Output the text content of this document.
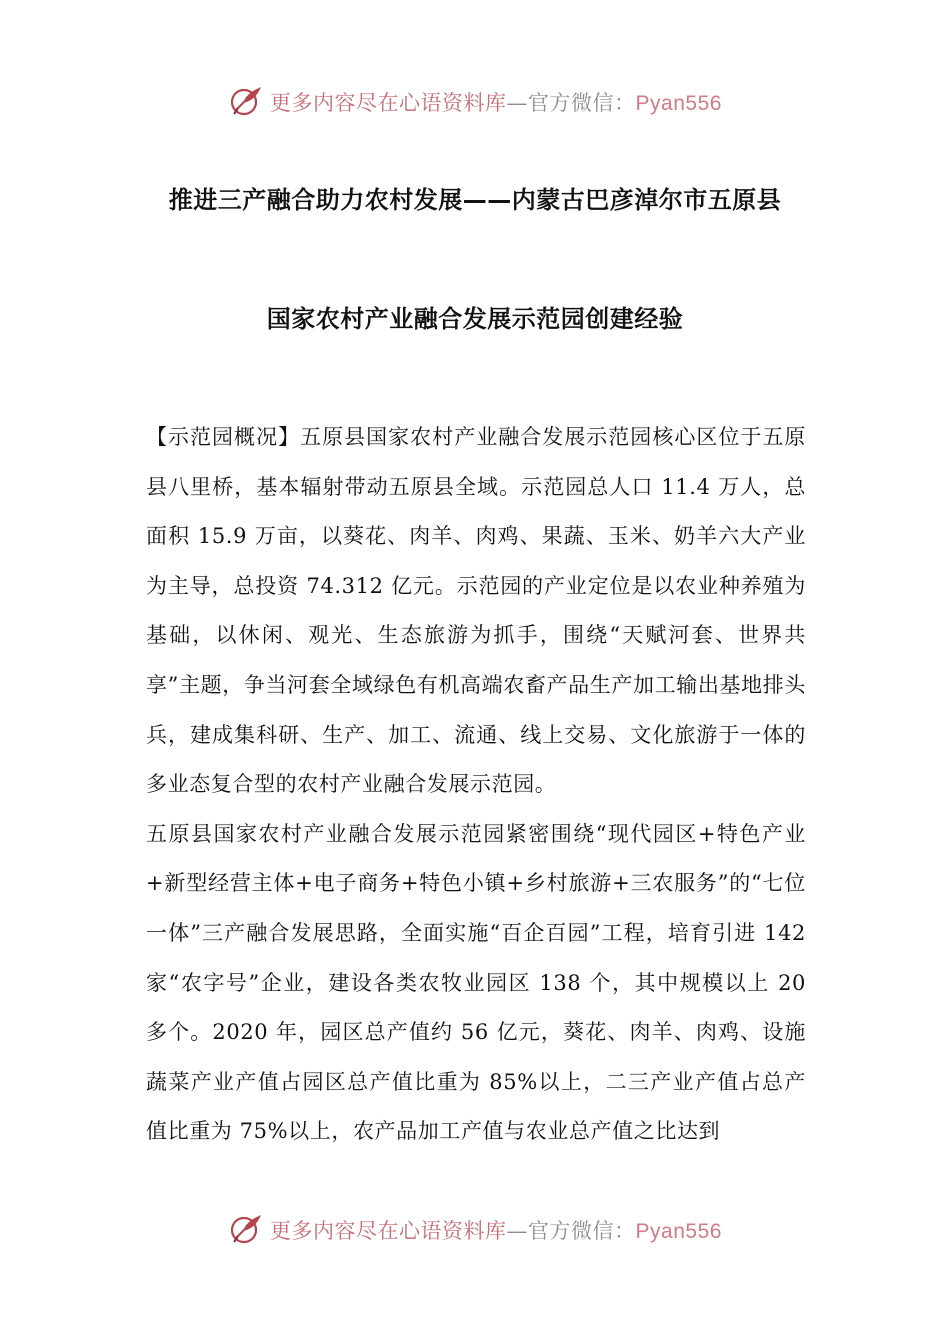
更多内容尽在心语资料库—官方微信：Pyan556
推进三产融合助力农村发展——内蒙古巴彦淖尔市五原县
国家农村产业融合发展示范园创建经验

【示范园概况】五原县国家农村产业融合发展示范园核心区位于五原县八里桥，基本辐射带动五原县全域。示范园总人口 11.4 万人，总面积 15.9 万亩，以葵花、肉羊、肉鸡、果蔬、玉米、奶羊六大产业为主导，总投资 74.312 亿元。示范园的产业定位是以农业种养殖为基础，以休闲、观光、生态旅游为抓手，围绕“天赋河套、世界共享”主题，争当河套全域绿色有机高端农畜产品生产加工输出基地排头兵，建成集科研、生产、加工、流通、线上交易、文化旅游于一体的多业态复合型的农村产业融合发展示范园。

五原县国家农村产业融合发展示范园紧密围绕“现代园区+特色产业+新型经营主体+电子商务+特色小镇+乡村旅游+三农服务”的“七位一体”三产融合发展思路，全面实施“百企百园”工程，培育引进 142 家“农字号”企业，建设各类农牧业园区 138 个，其中规模以上 20 多个。2020 年，园区总产值约 56 亿元，葵花、肉羊、肉鸡、设施蔬菜产业产值占园区总产值比重为 85%以上，二三产业产值占总产值比重为 75%以上，农产品加工产值与农业总产值之比达到

更多内容尽在心语资料库—官方微信：Pyan556
